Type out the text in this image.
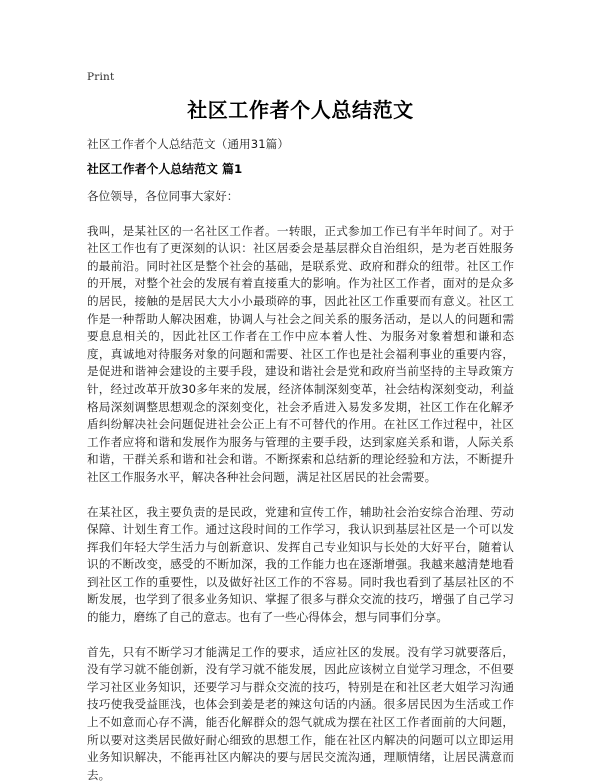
Print
社区工作者个人总结范文
社区工作者个人总结范文（通用31篇）
社区工作者个人总结范文 篇1

各位领导，各位同事大家好：

我叫，是某社区的一名社区工作者。一转眼，正式参加工作已有半年时间了。对于社区工作也有了更深刻的认识：社区居委会是基层群众自治组织，是为老百姓服务的最前沿。同时社区是整个社会的基础，是联系党、政府和群众的纽带。社区工作的开展，对整个社会的发展有着直接重大的影响。作为社区工作者，面对的是众多的居民，接触的是居民大大小小最琐碎的事，因此社区工作重要而有意义。社区工作是一种帮助人解决困难，协调人与社会之间关系的服务活动，是以人的问题和需要息息相关的，因此社区工作者在工作中应本着人性、为服务对象着想和谦和态度，真诚地对待服务对象的问题和需要、社区工作也是社会福利事业的重要内容，是促进和谐神会建设的主要手段，建设和谐社会是党和政府当前坚持的主导政策方针，经过改革开放30多年来的发展，经济体制深刻变革，社会结构深刻变动，利益格局深刻调整思想观念的深刻变化，社会矛盾进入易发多发期，社区工作在化解矛盾纠纷解决社会问题促进社会公正上有不可替代的作用。在社区工作过程中，社区工作者应将和谐和发展作为服务与管理的主要手段，达到家庭关系和谐，人际关系和谐，干群关系和谐和社会和谐。不断探索和总结新的理论经验和方法，不断提升社区工作服务水平，解决各种社会问题，满足社区居民的社会需要。

在某社区，我主要负责的是民政，党建和宣传工作，辅助社会治安综合治理、劳动保障、计划生育工作。通过这段时间的工作学习，我认识到基层社区是一个可以发挥我们年轻大学生活力与创新意识、发挥自己专业知识与长处的大好平台，随着认识的不断改变，感受的不断加深，我的工作能力也在逐渐增强。我越来越清楚地看到社区工作的重要性，以及做好社区工作的不容易。同时我也看到了基层社区的不断发展，也学到了很多业务知识、掌握了很多与群众交流的技巧，增强了自己学习的能力，磨练了自己的意志。也有了一些心得体会，想与同事们分享。

首先，只有不断学习才能满足工作的要求，适应社区的发展。没有学习就要落后，没有学习就不能创新，没有学习就不能发展，因此应该树立自觉学习理念，不但要学习社区业务知识，还要学习与群众交流的技巧，特别是在和社区老大姐学习沟通技巧使我受益匪浅，也体会到姜是老的辣这句话的内涵。很多居民因为生活或工作上不如意而心存不满，能否化解群众的怨气就成为摆在社区工作者面前的大问题，所以要对这类居民做好耐心细致的思想工作，能在社区内解决的问题可以立即运用业务知识解决，不能再社区内解决的要与居民交流沟通，理顺情绪，让居民满意而去。
